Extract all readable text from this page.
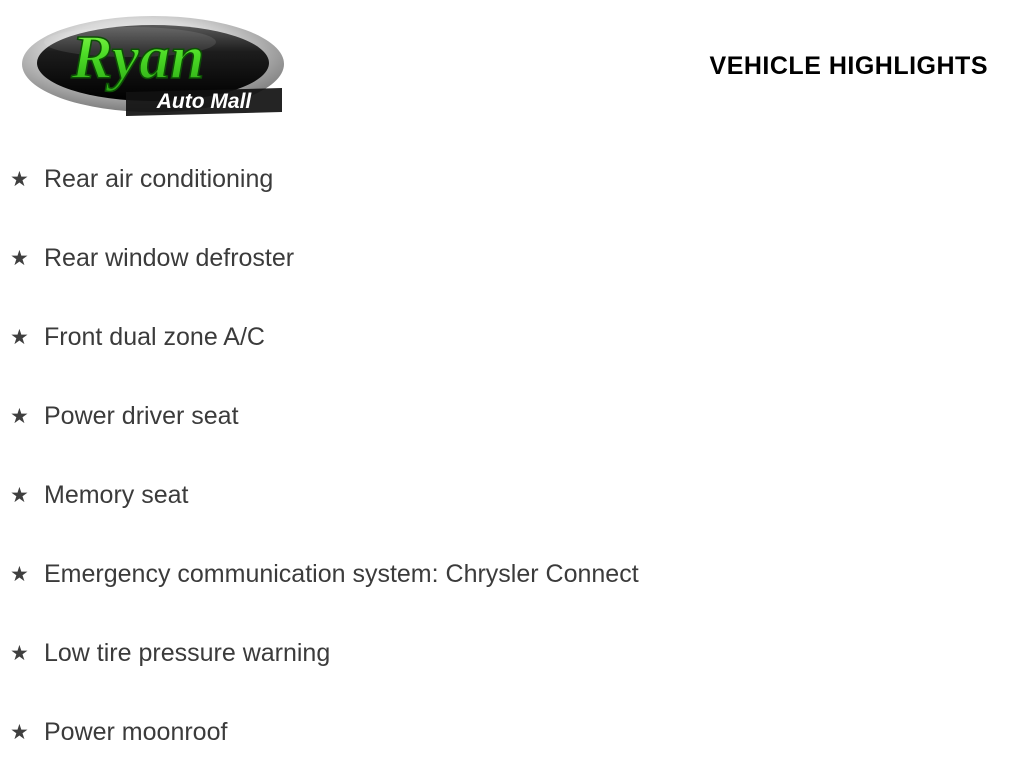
Ryan
Auto Mall
VEHICLE HIGHLIGHTS
★ Rear air conditioning
★ Rear window defroster
★ Front dual zone A/C
★ Power driver seat
★ Memory seat
★ Emergency communication system: Chrysler Connect
★ Low tire pressure warning
★ Power moonroof
